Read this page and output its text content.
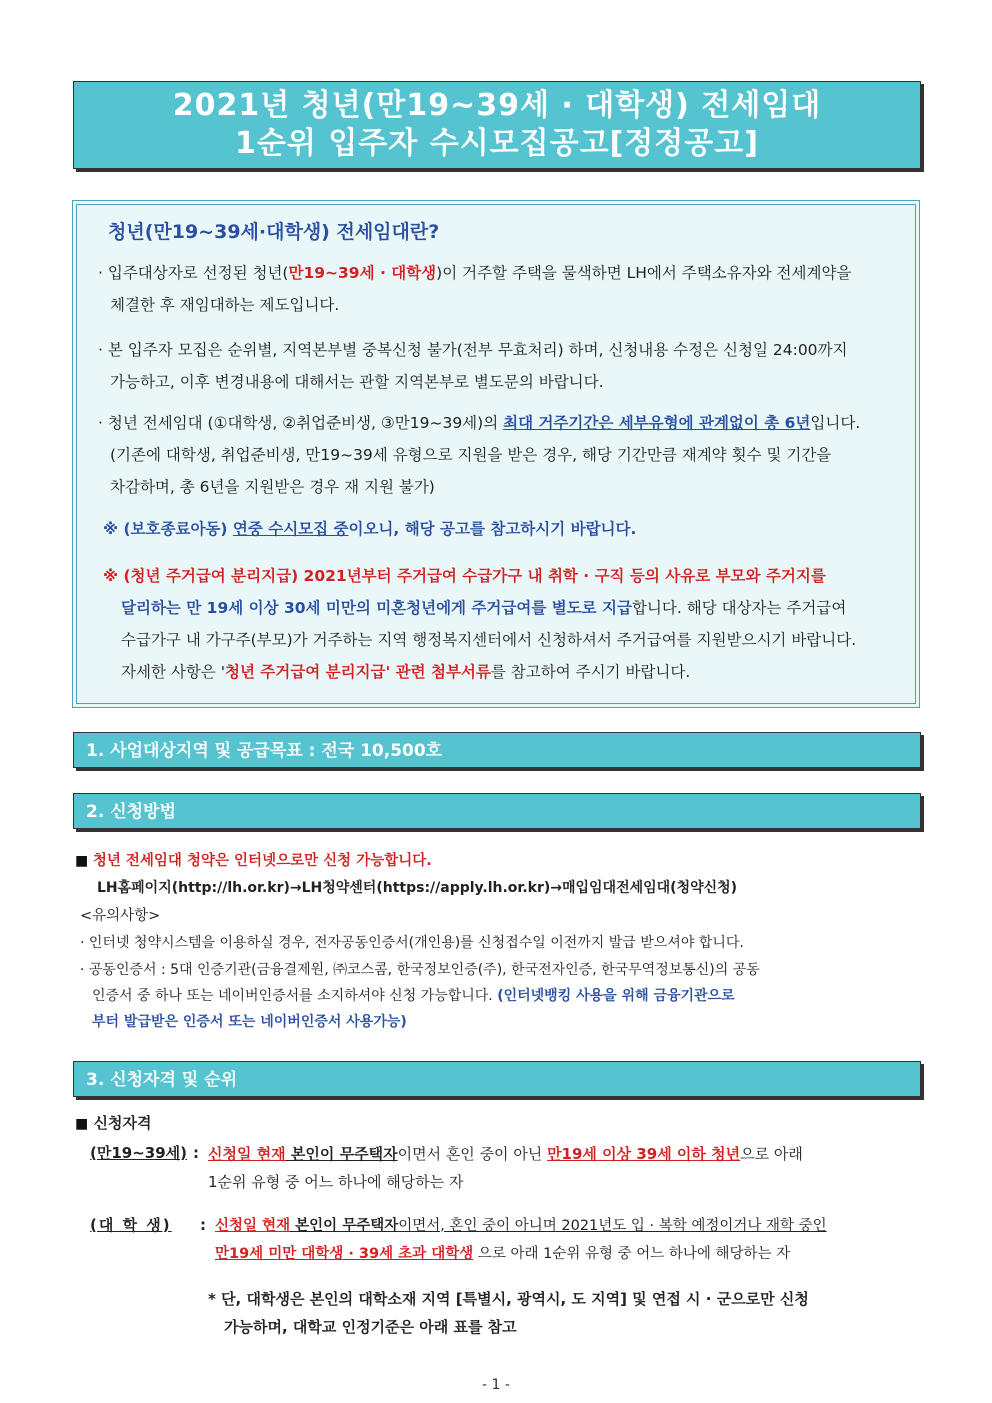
2021년 청년(만19~39세 · 대학생) 전세임대
1순위 입주자 수시모집공고[정정공고]
청년(만19~39세·대학생) 전세임대란?
· 입주대상자로 선정된 청년(만19~39세 · 대학생)이 거주할 주택을 물색하면 LH에서 주택소유자와 전세계약을
체결한 후 재임대하는 제도입니다.
· 본 입주자 모집은 순위별, 지역본부별 중복신청 불가(전부 무효처리) 하며, 신청내용 수정은 신청일 24:00까지
가능하고, 이후 변경내용에 대해서는 관할 지역본부로 별도문의 바랍니다.
· 청년 전세임대 (①대학생, ②취업준비생, ③만19~39세)의 최대 거주기간은 세부유형에 관계없이 총 6년입니다.
(기존에 대학생, 취업준비생, 만19~39세 유형으로 지원을 받은 경우, 해당 기간만큼 재계약 횟수 및 기간을
차감하며, 총 6년을 지원받은 경우 재 지원 불가)
※ (보호종료아동) 연중 수시모집 중이오니, 해당 공고를 참고하시기 바랍니다.
※ (청년 주거급여 분리지급) 2021년부터 주거급여 수급가구 내 취학 · 구직 등의 사유로 부모와 주거지를
달리하는 만 19세 이상 30세 미만의 미혼청년에게 주거급여를 별도로 지급합니다. 해당 대상자는 주거급여
수급가구 내 가구주(부모)가 거주하는 지역 행정복지센터에서 신청하셔서 주거급여를 지원받으시기 바랍니다.
자세한 사항은 '청년 주거급여 분리지급' 관련 첨부서류를 참고하여 주시기 바랍니다.
1. 사업대상지역 및 공급목표 : 전국 10,500호
2. 신청방법
■ 청년 전세임대 청약은 인터넷으로만 신청 가능합니다.
LH홈페이지(http://lh.or.kr)→LH청약센터(https://apply.lh.or.kr)→매입임대전세임대(청약신청)
<유의사항>
· 인터넷 청약시스템을 이용하실 경우, 전자공동인증서(개인용)를 신청접수일 이전까지 발급 받으셔야 합니다.
· 공동인증서 : 5대 인증기관(금융결제원, ㈜코스콤, 한국정보인증(주), 한국전자인증, 한국무역정보통신)의 공동
인증서 중 하나 또는 네이버인증서를 소지하셔야 신청 가능합니다. (인터넷뱅킹 사용을 위해 금융기관으로
부터 발급받은 인증서 또는 네이버인증서 사용가능)
3. 신청자격 및 순위
■ 신청자격
(만19~39세) : 신청일 현재 본인이 무주택자이면서 혼인 중이 아닌 만19세 이상 39세 이하 청년으로 아래
1순위 유형 중 어느 하나에 해당하는 자
(대 학 생) : 신청일 현재 본인이 무주택자이면서, 혼인 중이 아니며 2021년도 입 · 복학 예정이거나 재학 중인
만19세 미만 대학생 · 39세 초과 대학생 으로 아래 1순위 유형 중 어느 하나에 해당하는 자
* 단, 대학생은 본인의 대학소재 지역 [특별시, 광역시, 도 지역] 및 연접 시 · 군으로만 신청
가능하며, 대학교 인정기준은 아래 표를 참고
- 1 -
